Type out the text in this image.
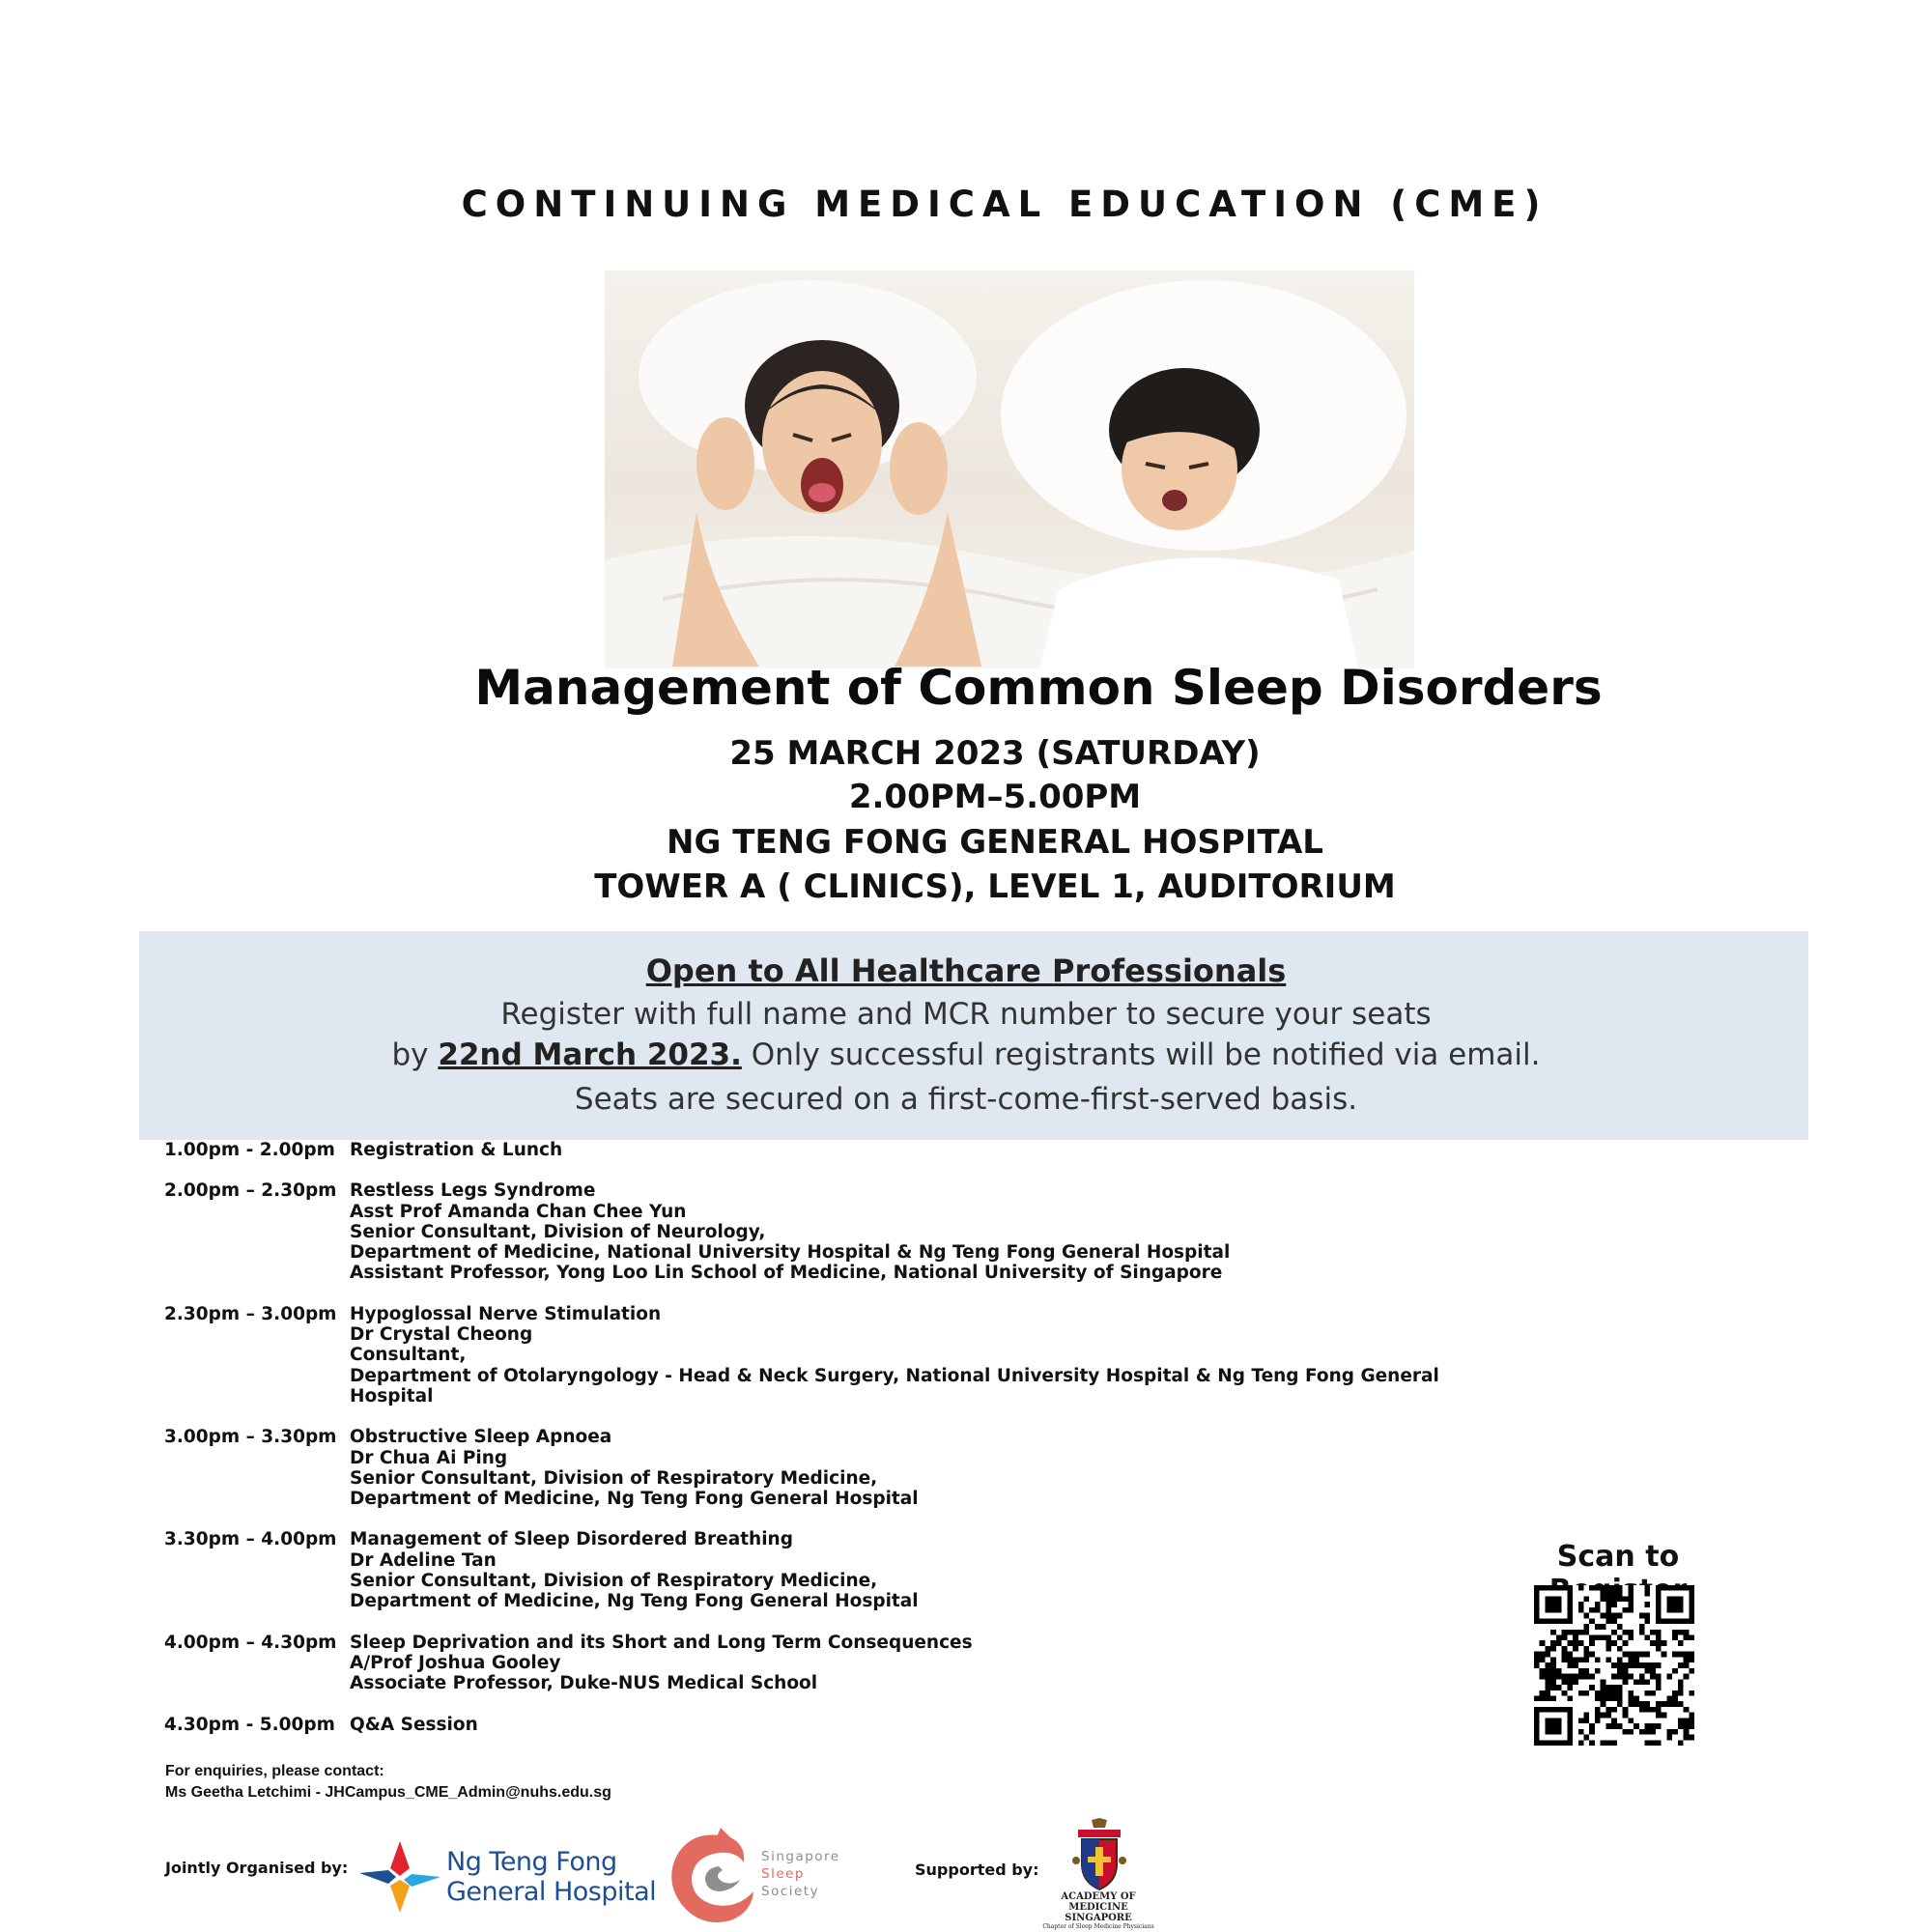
CONTINUING MEDICAL EDUCATION (CME)
Management of Common Sleep Disorders
25 MARCH 2023 (SATURDAY)
2.00PM–5.00PM
NG TENG FONG GENERAL HOSPITAL
TOWER A ( CLINICS), LEVEL 1, AUDITORIUM
Open to All Healthcare Professionals
Register with full name and MCR number to secure your seats
by 22nd March 2023. Only successful registrants will be notified via email.
Seats are secured on a first-come-first-served basis.
1.00pm - 2.00pm Registration & Lunch
2.00pm – 2.30pm Restless Legs Syndrome
Asst Prof Amanda Chan Chee Yun
Senior Consultant, Division of Neurology,
Department of Medicine, National University Hospital & Ng Teng Fong General Hospital
Assistant Professor, Yong Loo Lin School of Medicine, National University of Singapore
2.30pm – 3.00pm Hypoglossal Nerve Stimulation
Dr Crystal Cheong
Consultant,
Department of Otolaryngology - Head & Neck Surgery, National University Hospital & Ng Teng Fong General Hospital
3.00pm – 3.30pm Obstructive Sleep Apnoea
Dr Chua Ai Ping
Senior Consultant, Division of Respiratory Medicine,
Department of Medicine, Ng Teng Fong General Hospital
3.30pm – 4.00pm Management of Sleep Disordered Breathing
Dr Adeline Tan
Senior Consultant, Division of Respiratory Medicine,
Department of Medicine, Ng Teng Fong General Hospital
4.00pm – 4.30pm Sleep Deprivation and its Short and Long Term Consequences
A/Prof Joshua Gooley
Associate Professor, Duke-NUS Medical School
4.30pm - 5.00pm Q&A Session
For enquiries, please contact:
Ms Geetha Letchimi - JHCampus_CME_Admin@nuhs.edu.sg
Scan to
Jointly Organised by:	Ng Teng Fong
General Hospital
Singapore
Sleep
Society
Supported by:
ACADEMY OF MEDICINE
SINGAPORE
Chapter of Sleep Medicine Physicians
